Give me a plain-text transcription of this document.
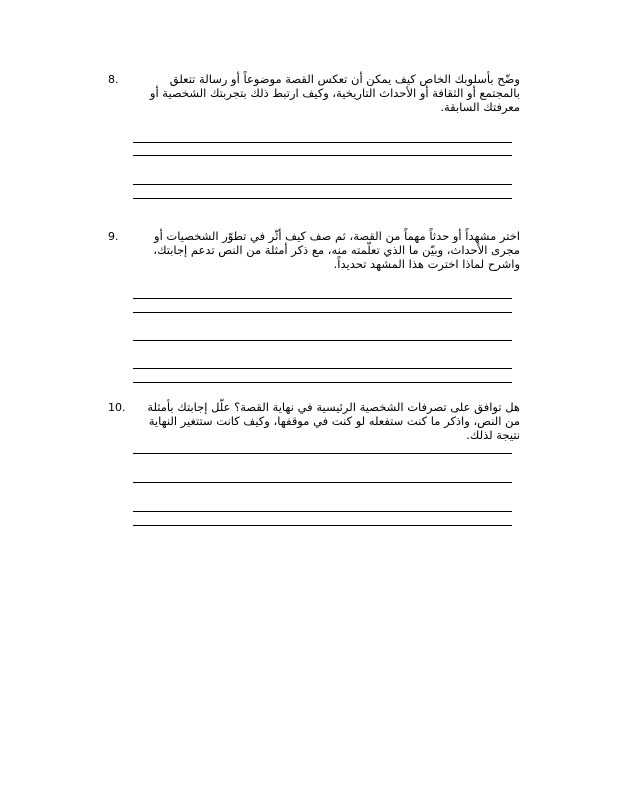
8.	وضّح بأسلوبك الخاص كيف يمكن أن تعكس القصة موضوعاً أو رسالة تتعلق بالمجتمع أو الثقافة أو الأحداث التاريخية، وكيف ارتبط ذلك بتجربتك الشخصية أو معرفتك السابقة.
9.	اختر مشهداً أو حدثاً مهماً من القصة، ثم صف كيف أثّر في تطوّر الشخصيات أو مجرى الأحداث، وبيّن ما الذي تعلّمته منه، مع ذكر أمثلة من النص تدعم إجابتك، واشرح لماذا اخترت هذا المشهد تحديداً.
10.	هل توافق على تصرفات الشخصية الرئيسية في نهاية القصة؟ علّل إجابتك بأمثلة من النص، واذكر ما كنت ستفعله لو كنت في موقفها، وكيف كانت ستتغير النهاية نتيجة لذلك.
